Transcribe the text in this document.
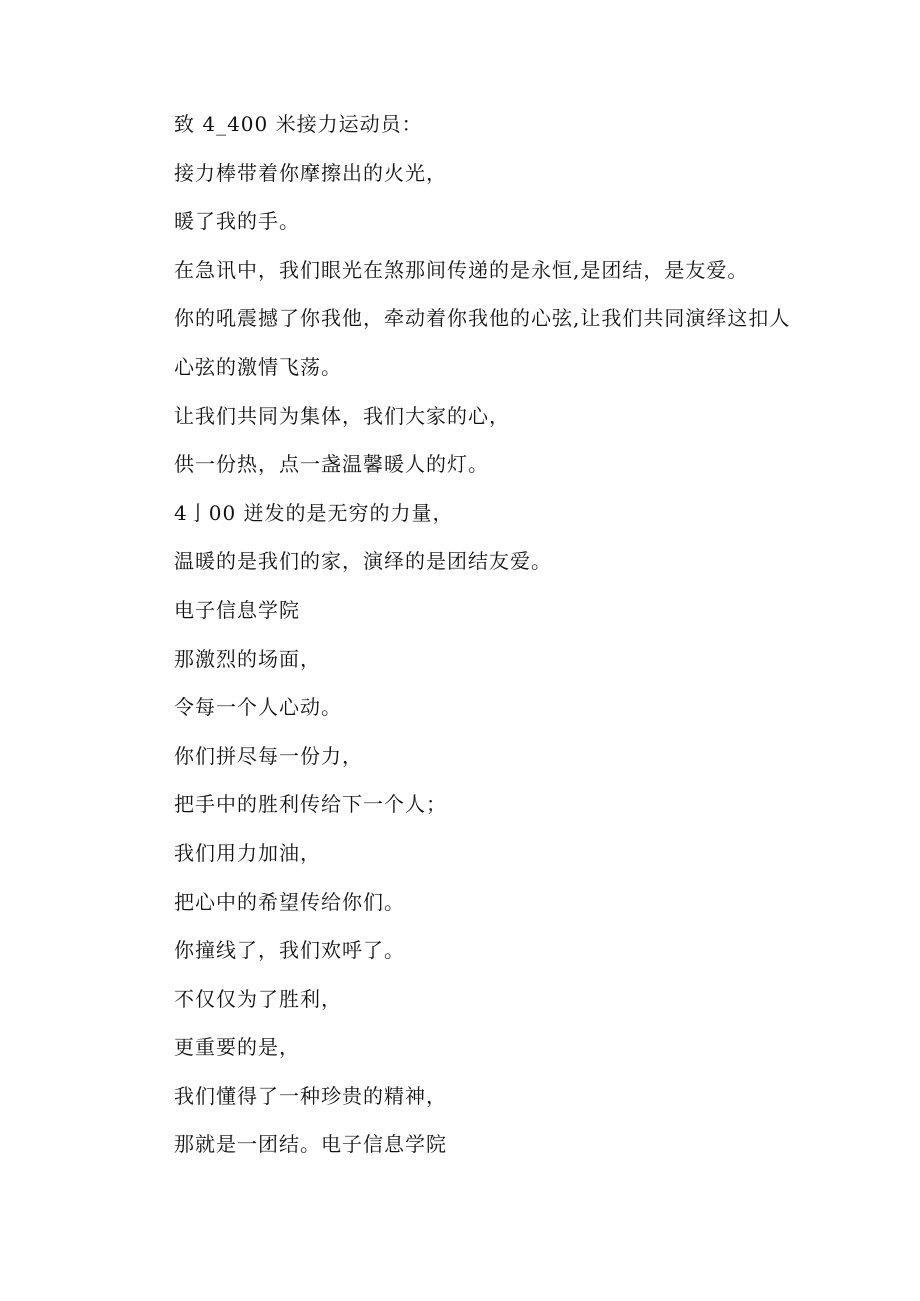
致 4_400 米接力运动员：
接力棒带着你摩擦出的火光，
暖了我的手。
在急讯中，我们眼光在煞那间传递的是永恒,是团结，是友爱。
你的吼震撼了你我他，牵动着你我他的心弦,让我们共同演绎这扣人
心弦的激情飞荡。
让我们共同为集体，我们大家的心，
供一份热，点一盏温馨暖人的灯。
4亅00 迸发的是无穷的力量，
温暖的是我们的家，演绎的是团结友爱。
电子信息学院
那激烈的场面，
令每一个人心动。
你们拼尽每一份力，
把手中的胜利传给下一个人；
我们用力加油，
把心中的希望传给你们。
你撞线了，我们欢呼了。
不仅仅为了胜利，
更重要的是，
我们懂得了一种珍贵的精神，
那就是一团结。电子信息学院
